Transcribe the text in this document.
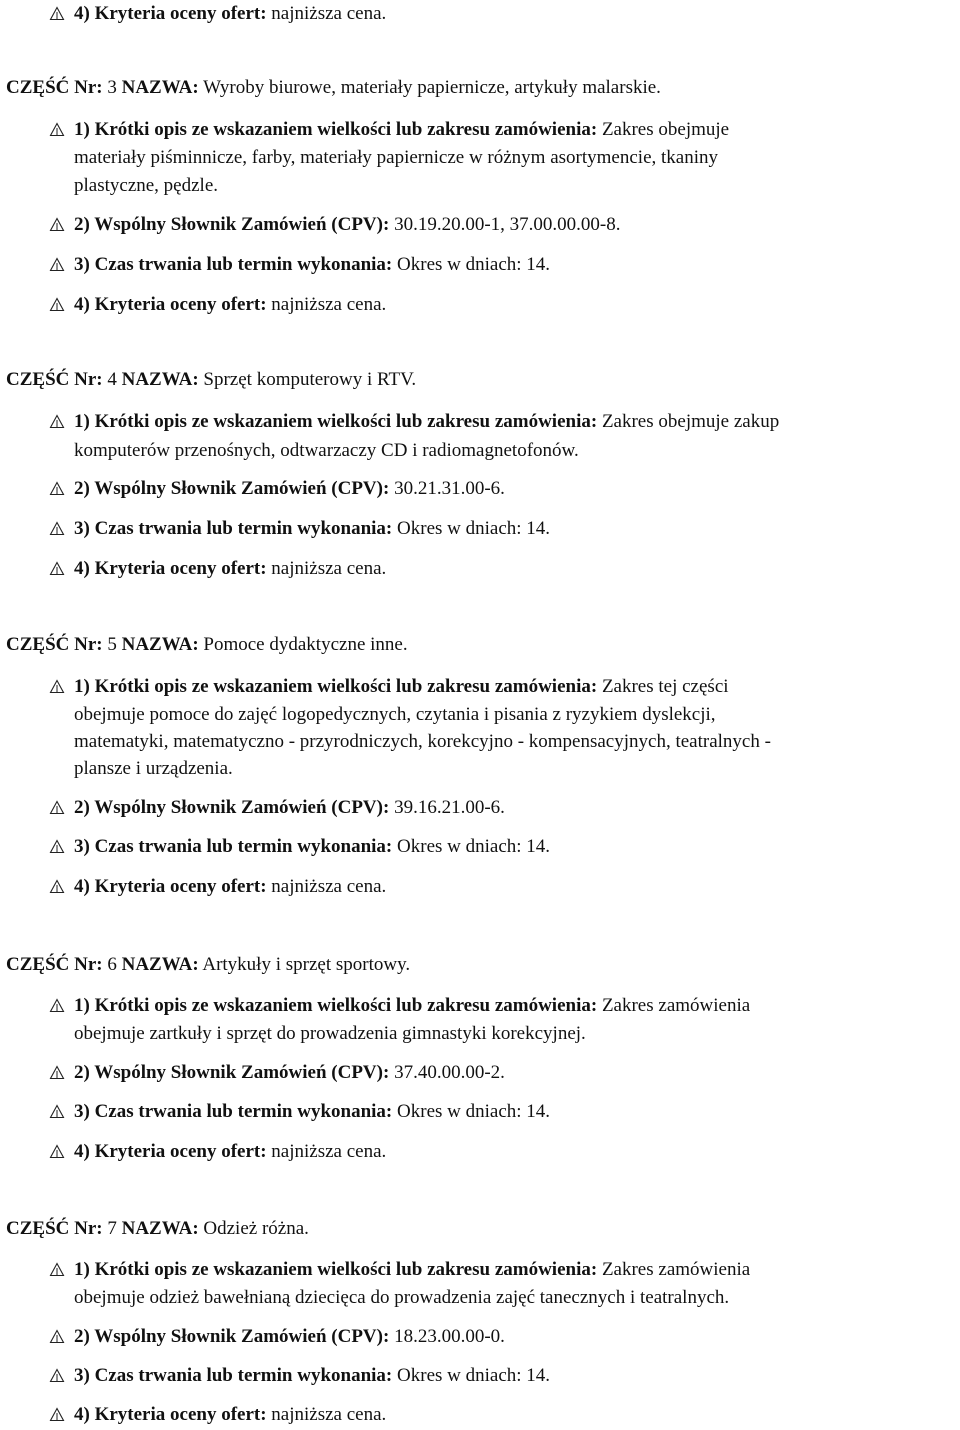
4) Kryteria oceny ofert: najniższa cena.
CZĘŚĆ Nr: 3 NAZWA: Wyroby biurowe, materiały papiernicze, artykuły malarskie.
1) Krótki opis ze wskazaniem wielkości lub zakresu zamówienia: Zakres obejmuje
materiały piśminnicze, farby, materiały papiernicze w różnym asortymencie, tkaniny
plastyczne, pędzle.
2) Wspólny Słownik Zamówień (CPV): 30.19.20.00-1, 37.00.00.00-8.
3) Czas trwania lub termin wykonania: Okres w dniach: 14.
4) Kryteria oceny ofert: najniższa cena.
CZĘŚĆ Nr: 4 NAZWA: Sprzęt komputerowy i RTV.
1) Krótki opis ze wskazaniem wielkości lub zakresu zamówienia: Zakres obejmuje zakup
komputerów przenośnych, odtwarzaczy CD i radiomagnetofonów.
2) Wspólny Słownik Zamówień (CPV): 30.21.31.00-6.
3) Czas trwania lub termin wykonania: Okres w dniach: 14.
4) Kryteria oceny ofert: najniższa cena.
CZĘŚĆ Nr: 5 NAZWA: Pomoce dydaktyczne inne.
1) Krótki opis ze wskazaniem wielkości lub zakresu zamówienia: Zakres tej części
obejmuje pomoce do zajęć logopedycznych, czytania i pisania z ryzykiem dyslekcji,
matematyki, matematyczno - przyrodniczych, korekcyjno - kompensacyjnych, teatralnych -
plansze i urządzenia.
2) Wspólny Słownik Zamówień (CPV): 39.16.21.00-6.
3) Czas trwania lub termin wykonania: Okres w dniach: 14.
4) Kryteria oceny ofert: najniższa cena.
CZĘŚĆ Nr: 6 NAZWA: Artykuły i sprzęt sportowy.
1) Krótki opis ze wskazaniem wielkości lub zakresu zamówienia: Zakres zamówienia
obejmuje zartkuły i sprzęt do prowadzenia gimnastyki korekcyjnej.
2) Wspólny Słownik Zamówień (CPV): 37.40.00.00-2.
3) Czas trwania lub termin wykonania: Okres w dniach: 14.
4) Kryteria oceny ofert: najniższa cena.
CZĘŚĆ Nr: 7 NAZWA: Odzież różna.
1) Krótki opis ze wskazaniem wielkości lub zakresu zamówienia: Zakres zamówienia
obejmuje odzież bawełnianą dziecięca do prowadzenia zajęć tanecznych i teatralnych.
2) Wspólny Słownik Zamówień (CPV): 18.23.00.00-0.
3) Czas trwania lub termin wykonania: Okres w dniach: 14.
4) Kryteria oceny ofert: najniższa cena.
